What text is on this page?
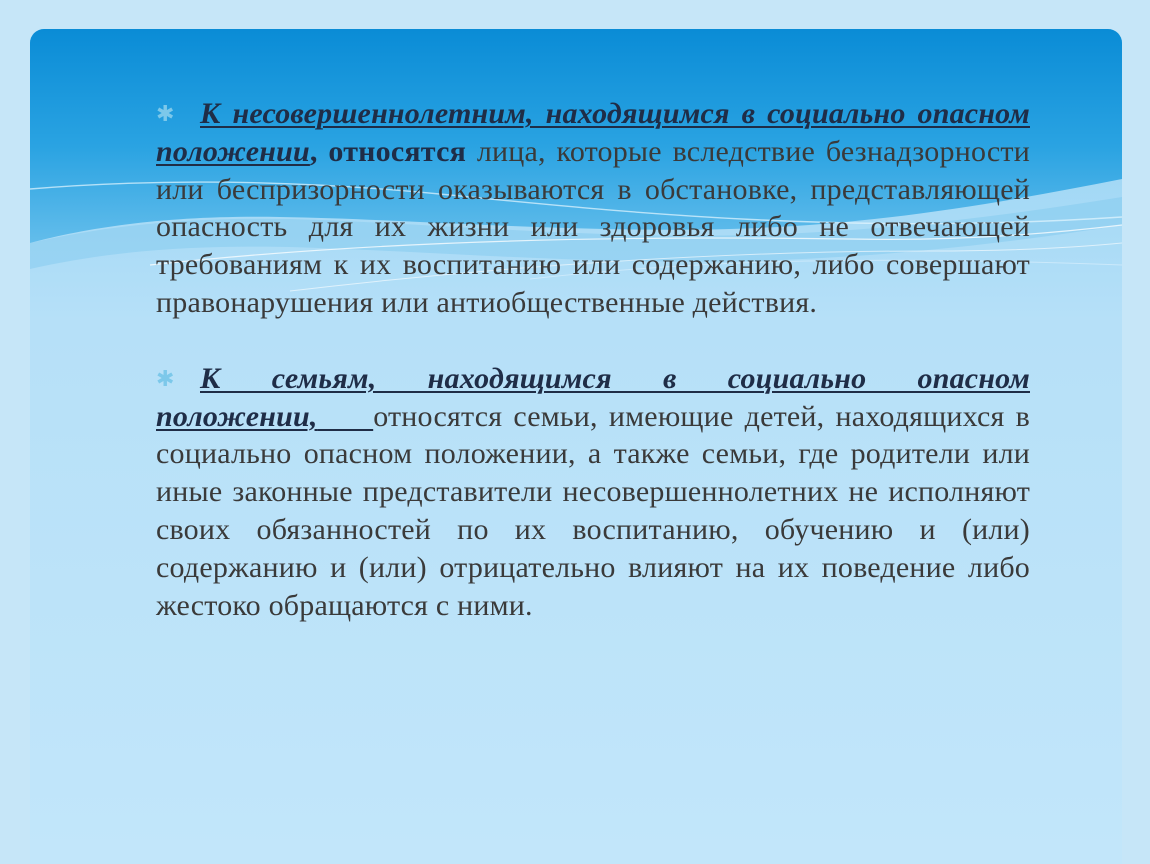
✱ К несовершеннолетним, находящимся в социально опасном положении, относятся лица, которые вследствие безнадзорности или беспризорности оказываются в обстановке, представляющей опасность для их жизни или здоровья либо не отвечающей требованиям к их воспитанию или содержанию, либо совершают правонарушения или антиобщественные действия.

✱ К семьям, находящимся в социально опасном положении, относятся семьи, имеющие детей, находящихся в социально опасном положении, а также семьи, где родители или иные законные представители несовершеннолетних не исполняют своих обязанностей по их воспитанию, обучению и (или) содержанию и (или) отрицательно влияют на их поведение либо жестоко обращаются с ними.
